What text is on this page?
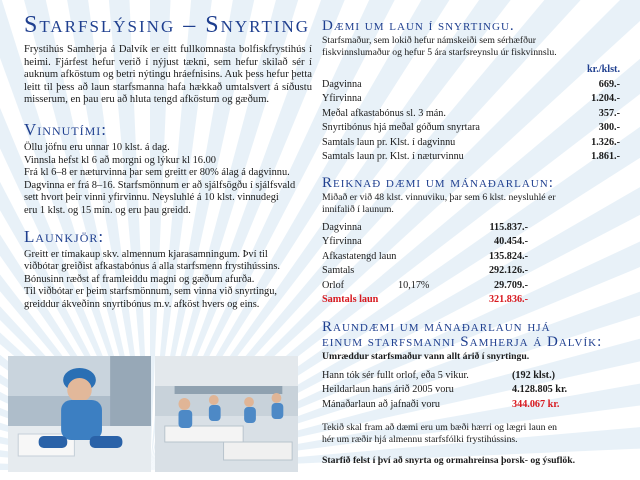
Starfslýsing – Snyrting
Frystihús Samherja á Dalvík er eitt fullkomnasta bolfiskfrystihús í heimi. Fjárfest hefur verið í nýjust tækni, sem hefur skilað sér í auknum afköstum og betri nýtingu hráefnisins. Auk þess hefur þetta leitt til þess að laun starfsmanna hafa hækkað umtalsvert á síðustu misserum, en þau eru að hluta tengd afköstum og gæðum.
Vinnutími:
Öllu jöfnu eru unnar 10 klst. á dag.
Vinnsla hefst kl 6 að morgni og lýkur kl 16.00
Frá kl 6–8 er næturvinna þar sem greitt er 80% álag á dagvinnu.
Dagvinna er frá 8–16. Starfsmönnum er að sjálfsögðu í sjálfsvald
sett hvort þeir vinni yfirvinnu. Neysluhlé á 10 klst. vinnudegi
eru 1 klst. og 15 mín. og eru þau greidd.
Launkjör:
Greitt er tímakaup skv. almennum kjarasamningum. Því til
viðbótar greiðist afkastabónus á alla starfsmenn frystihússins.
Bónusinn ræðst af framleiddu magni og gæðum afurða.
Til viðbótar er þeim starfsmönnum, sem vinna við snyrtingu,
greiddur ákveðinn snyrtibónus m.v. afköst hvers og eins.
Dæmi um laun í snyrtingu.
Starfsmaður, sem lokið hefur námskeiði sem sérhæfður
fiskvinnslumaður og hefur 5 ára starfsreynslu úr fiskvinnslu.
	kr./klst.
Dagvinna	669.-
Yfirvinna	1.204.-
Meðal afkastabónus sl. 3 mán.	357.-
Snyrtibónus hjá meðal góðum snyrtara	300.-
Samtals laun pr. Klst. í dagvinnu	1.326.-
Samtals laun pr. Klst. í næturvinnu	1.861.-
Reiknað dæmi um mánaðarlaun:
Miðað er við 48 klst. vinnuviku, þar sem 6 klst. neysluhlé er
innifalið í launum.
Dagvinna		115.837.-
Yfirvinna		40.454.-
Afkastatengd laun		135.824.-
Samtals		292.126.-
Orlof	10,17%	29.709.-
Samtals laun		321.836.-
Raundæmi um mánaðarlaun hjá
einum starfsmanni Samherja á Dalvík:
Umræddur starfsmaður vann allt árið í snyrtingu.
Hann tók sér fullt orlof, eða 5 vikur.	(192 klst.)
Heildarlaun hans árið 2005 voru	4.128.805 kr.
Mánaðarlaun að jafnaði voru	344.067 kr.
Tekið skal fram að dæmi eru um bæði hærri og lægri laun en
hér um ræðir hjá almennu starfsfólki frystihússins.
Starfið felst í því að snyrta og ormahreinsa þorsk- og ýsuflök.
